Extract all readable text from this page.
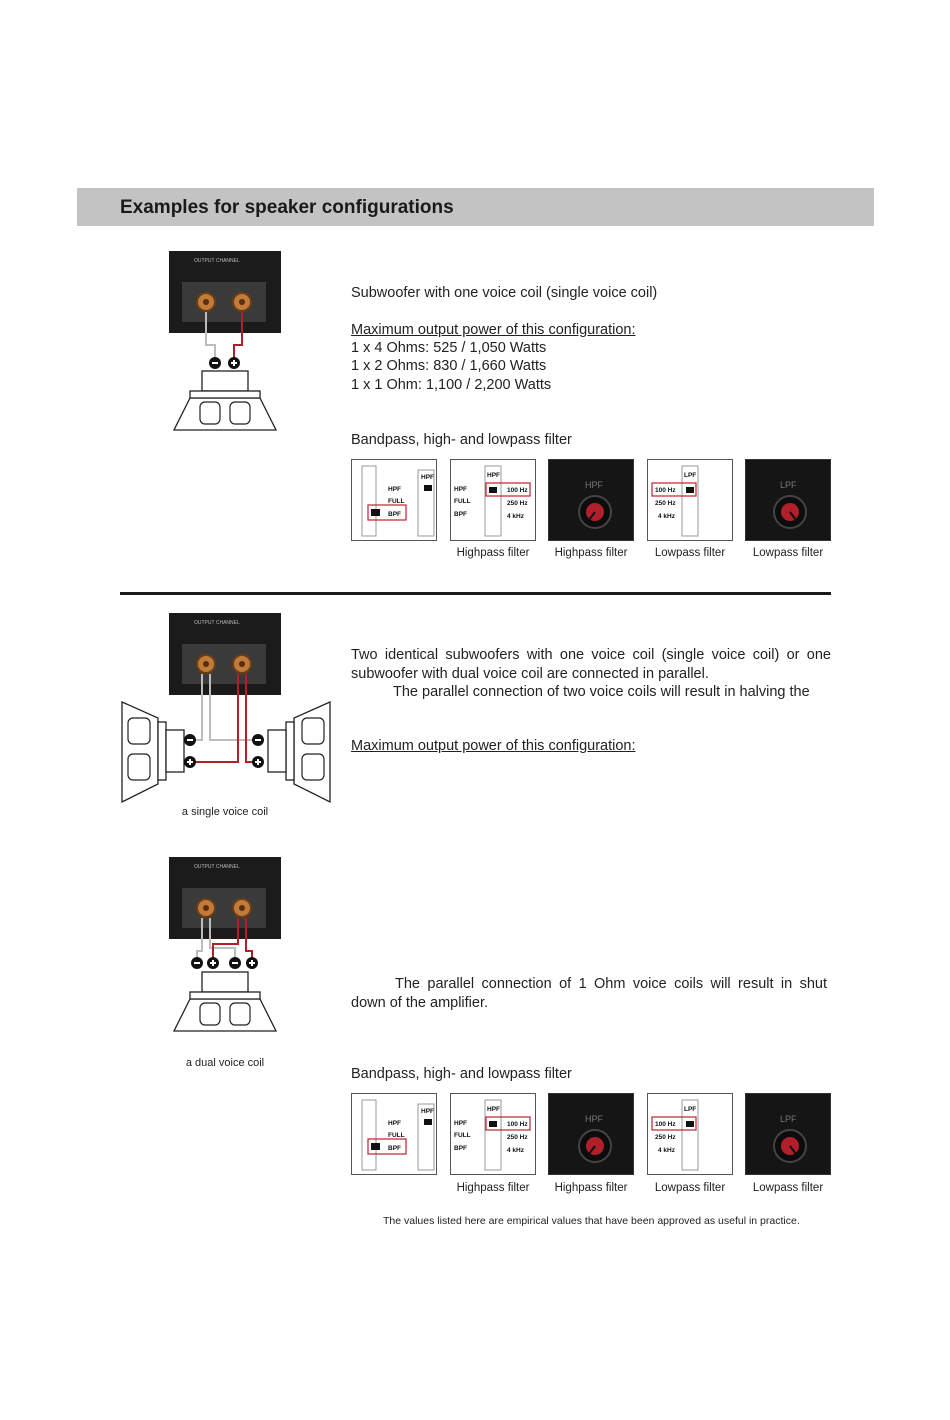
Examples for speaker configurations
OUTPUT CHANNEL
Subwoofer with one voice coil (single voice coil)
Maximum output power of this configuration:
1 x 4 Ohms: 525 / 1,050 Watts
1 x 2 Ohms: 830 / 1,660 Watts
1 x 1 Ohm: 1,100 / 2,200 Watts
Bandpass, high- and lowpass filter
HPF
HPF
FULL
BPF
HPF
HPF
FULL
BPF
100 Hz
250 Hz
4 kHz
HPF
LPF
100 Hz
250 Hz
4 kHz
LPF
Highpass filter	Highpass filter	Lowpass filter	Lowpass filter
OUTPUT CHANNEL
a single voice coil
Two identical subwoofers with one voice coil (single voice coil) or one subwoofer with dual voice coil are connected in parallel.
The parallel connection of two voice coils will result in halving the
Maximum output power of this configuration:
OUTPUT CHANNEL
a dual voice coil
The parallel connection of 1 Ohm voice coils will result in shut down of the amplifier.
Bandpass, high- and lowpass filter
HPF
HPF
FULL
BPF
HPF
HPF
FULL
BPF
100 Hz
250 Hz
4 kHz
HPF
LPF
100 Hz
250 Hz
4 kHz
LPF
Highpass filter	Highpass filter	Lowpass filter	Lowpass filter
The values listed here are empirical values that have been approved as useful in practice.
